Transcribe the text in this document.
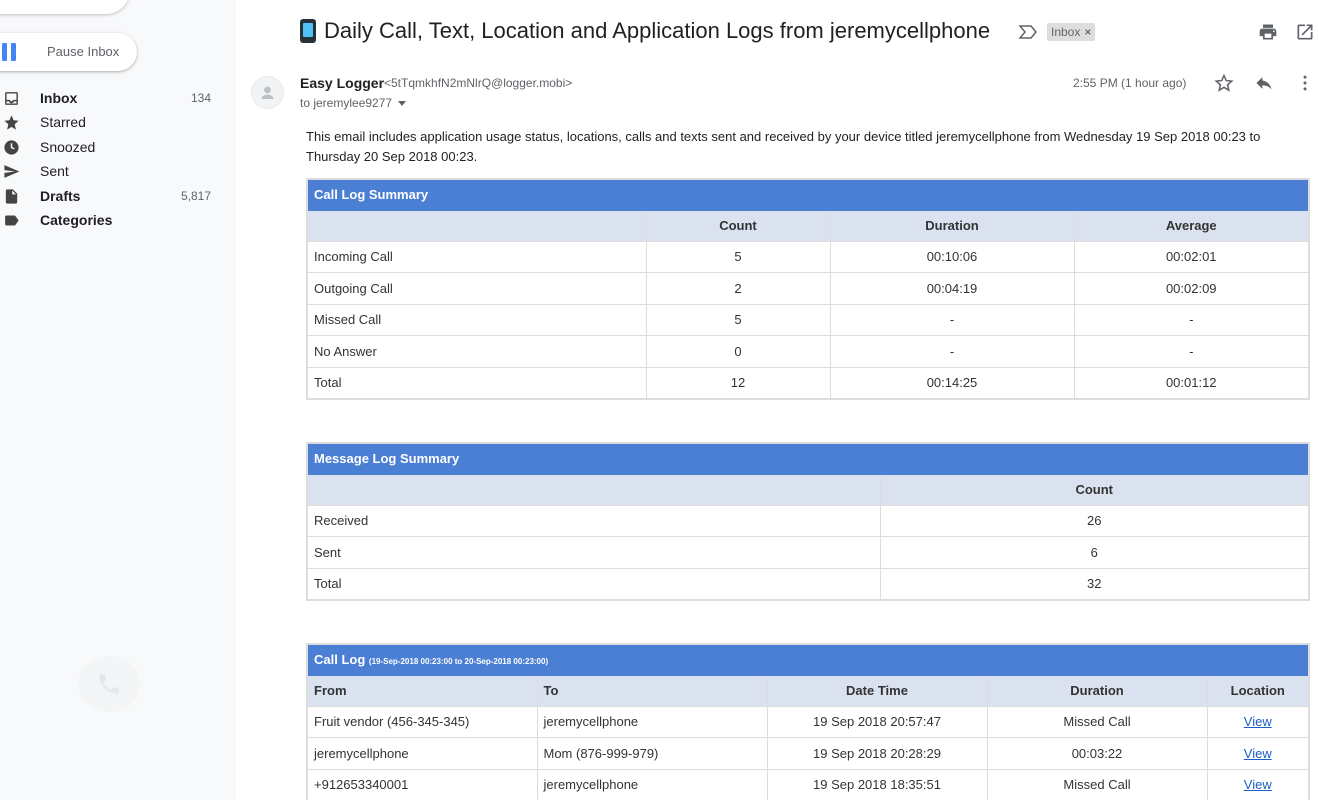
Pause Inbox
Inbox	134
Starred
Snoozed
Sent
Drafts	5,817
Categories
Daily Call, Text, Location and Application Logs from jeremycellphone	Inbox ×
Easy Logger <5tTqmkhfN2mNlrQ@logger.mobi>
to jeremylee9277
2:55 PM (1 hour ago)
This email includes application usage status, locations, calls and texts sent and received by your device titled jeremycellphone from Wednesday 19 Sep 2018 00:23 to Thursday 20 Sep 2018 00:23.
Call Log Summary			
	Count	Duration	Average
Incoming Call	5	00:10:06	00:02:01
Outgoing Call	2	00:04:19	00:02:09
Missed Call	5	-	-
No Answer	0	-	-
Total	12	00:14:25	00:01:12
Message Log Summary	
	Count
Received	26
Sent	6
Total	32
Call Log (19-Sep-2018 00:23:00 to 20-Sep-2018 00:23:00)				
From	To	Date Time	Duration	Location
Fruit vendor (456-345-345)	jeremycellphone	19 Sep 2018 20:57:47	Missed Call	View
jeremycellphone	Mom (876-999-979)	19 Sep 2018 20:28:29	00:03:22	View
+912653340001	jeremycellphone	19 Sep 2018 18:35:51	Missed Call	View
